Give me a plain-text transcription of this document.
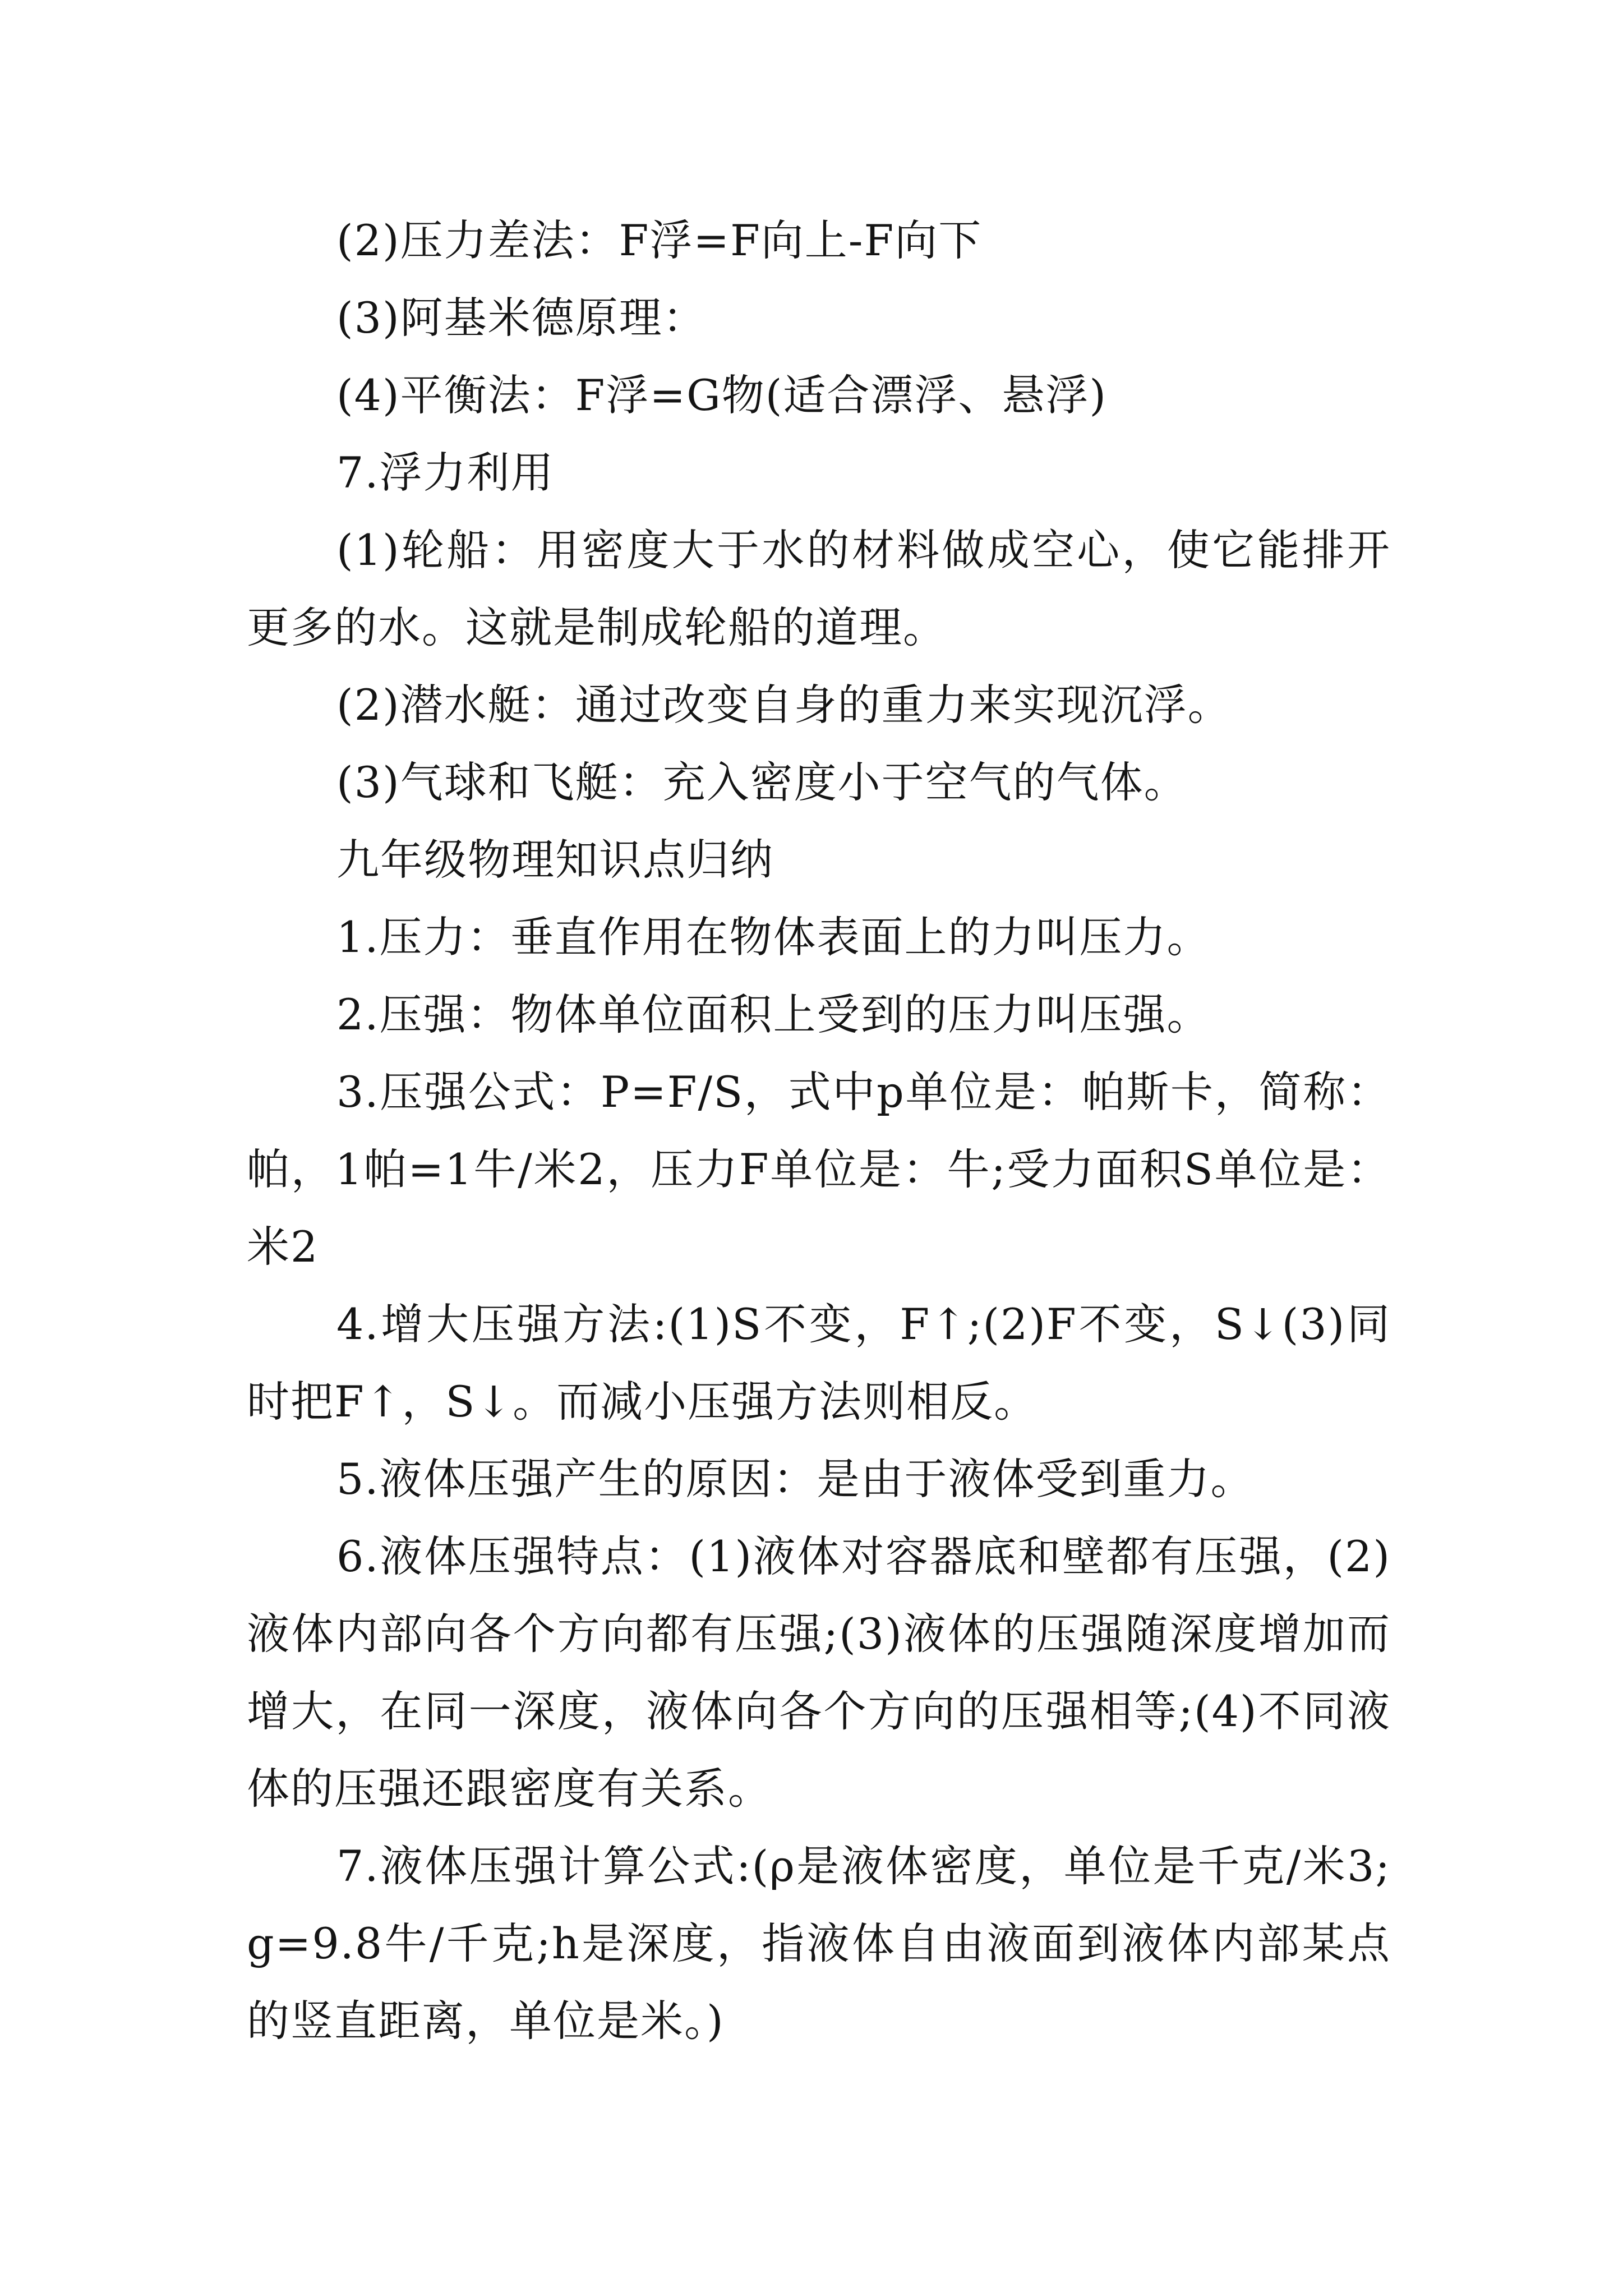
(2)压力差法：F浮=F向上-F向下

(3)阿基米德原理：

(4)平衡法：F浮=G物(适合漂浮、悬浮)

7.浮力利用

(1)轮船：用密度大于水的材料做成空心，使它能排开更多的水。这就是制成轮船的道理。

(2)潜水艇：通过改变自身的重力来实现沉浮。

(3)气球和飞艇：充入密度小于空气的气体。

九年级物理知识点归纳

1.压力：垂直作用在物体表面上的力叫压力。

2.压强：物体单位面积上受到的压力叫压强。

3.压强公式：P=F/S，式中p单位是：帕斯卡，简称：帕，1帕=1牛/米2，压力F单位是：牛;受力面积S单位是：米2

4.增大压强方法:(1)S不变，F↑;(2)F不变，S↓(3)同时把F↑，S↓。而减小压强方法则相反。

5.液体压强产生的原因：是由于液体受到重力。

6.液体压强特点：(1)液体对容器底和壁都有压强，(2)液体内部向各个方向都有压强;(3)液体的压强随深度增加而增大，在同一深度，液体向各个方向的压强相等;(4)不同液体的压强还跟密度有关系。

7.液体压强计算公式:(ρ是液体密度，单位是千克/米3;g=9.8牛/千克;h是深度，指液体自由液面到液体内部某点的竖直距离，单位是米。)
